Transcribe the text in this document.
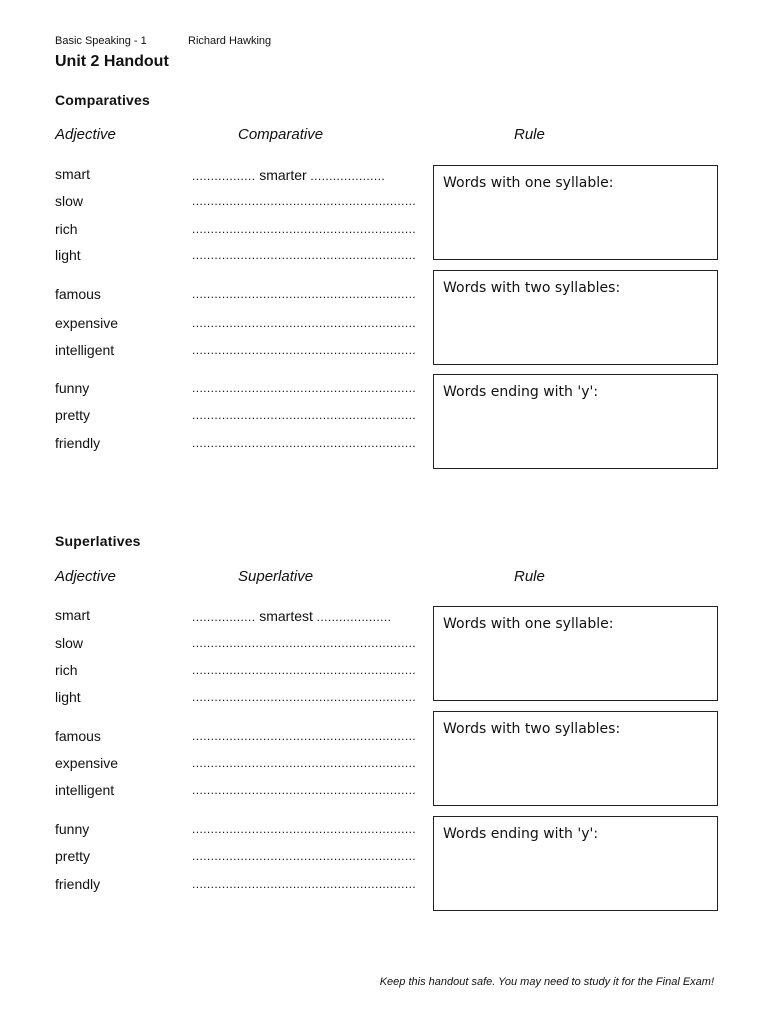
Basic Speaking - 1	Richard Hawking
Unit 2 Handout
Comparatives
Adjective	Comparative	Rule
smart	................. smarter ....................
slow	............................................................
rich	............................................................
light	............................................................
famous	............................................................
expensive	............................................................
intelligent	............................................................
funny	............................................................
pretty	............................................................
friendly	............................................................
Words with one syllable:
Words with two syllables:
Words ending with 'y':
Superlatives
Adjective	Superlative	Rule
smart	................. smartest ....................
slow	............................................................
rich	............................................................
light	............................................................
famous	............................................................
expensive	............................................................
intelligent	............................................................
funny	............................................................
pretty	............................................................
friendly	............................................................
Words with one syllable:
Words with two syllables:
Words ending with 'y':
Keep this handout safe. You may need to study it for the Final Exam!
